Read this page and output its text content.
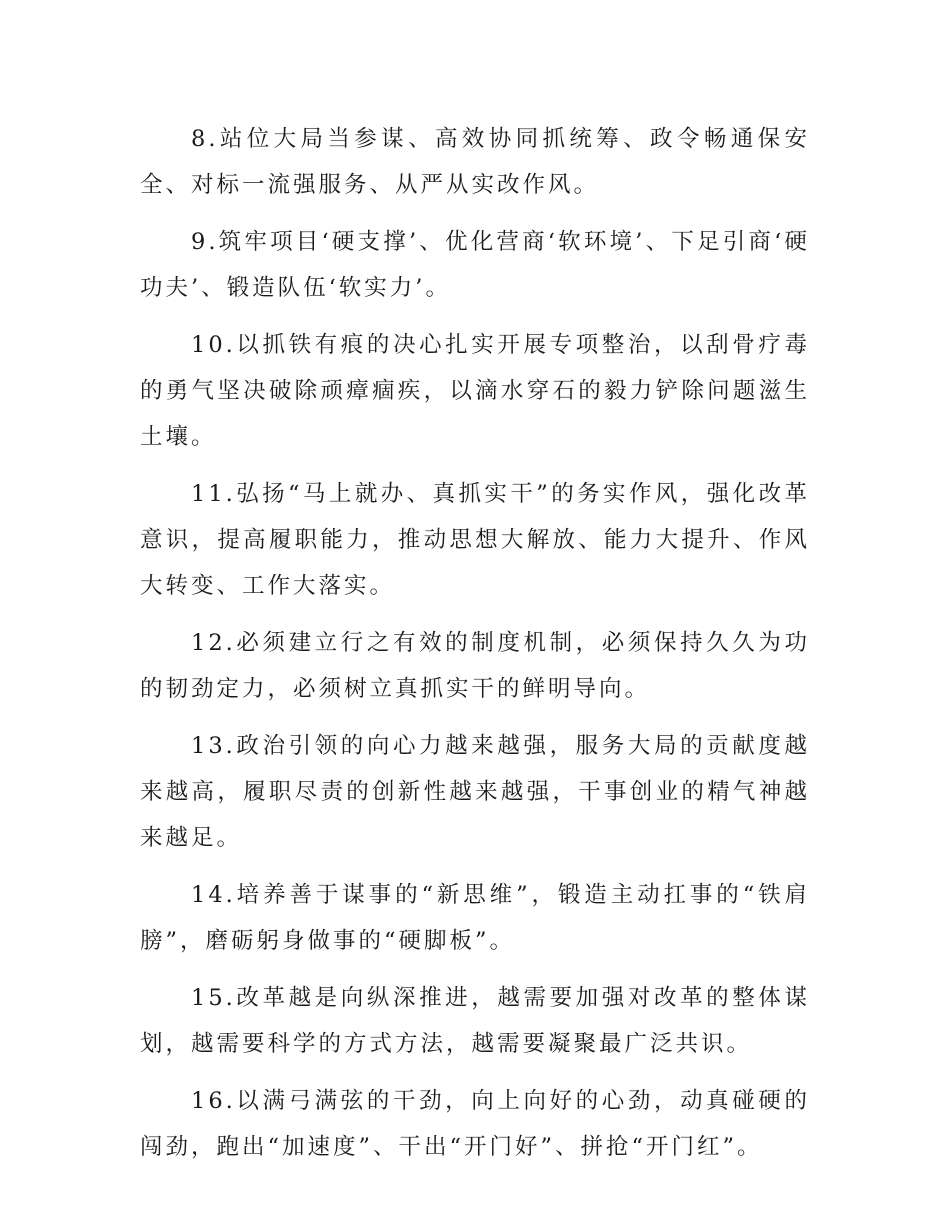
8.站位大局当参谋、高效协同抓统筹、政令畅通保安全、对标一流强服务、从严从实改作风。

9.筑牢项目‘硬支撑’、优化营商‘软环境’、下足引商‘硬功夫’、锻造队伍‘软实力’。

10.以抓铁有痕的决心扎实开展专项整治，以刮骨疗毒的勇气坚决破除顽瘴痼疾，以滴水穿石的毅力铲除问题滋生土壤。

11.弘扬“马上就办、真抓实干”的务实作风，强化改革意识，提高履职能力，推动思想大解放、能力大提升、作风大转变、工作大落实。

12.必须建立行之有效的制度机制，必须保持久久为功的韧劲定力，必须树立真抓实干的鲜明导向。

13.政治引领的向心力越来越强，服务大局的贡献度越来越高，履职尽责的创新性越来越强，干事创业的精气神越来越足。

14.培养善于谋事的“新思维”，锻造主动扛事的“铁肩膀”，磨砺躬身做事的“硬脚板”。

15.改革越是向纵深推进，越需要加强对改革的整体谋划，越需要科学的方式方法，越需要凝聚最广泛共识。

16.以满弓满弦的干劲，向上向好的心劲，动真碰硬的闯劲，跑出“加速度”、干出“开门好”、拼抢“开门红”。
